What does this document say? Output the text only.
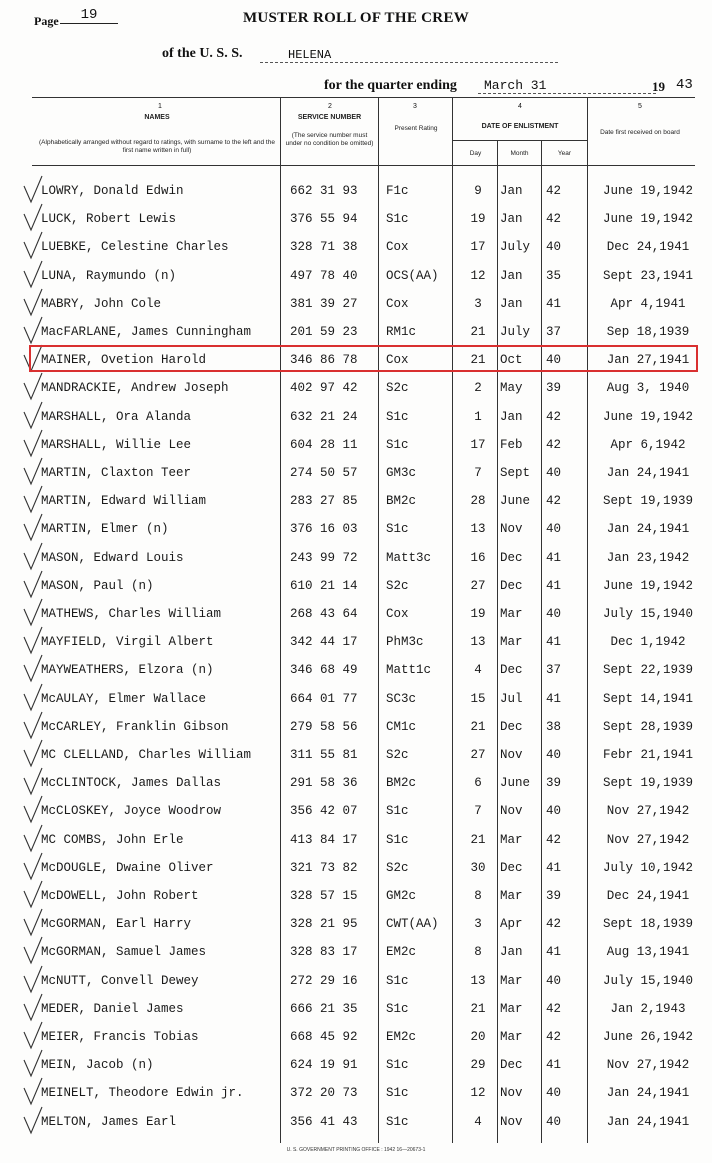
Page	19	MUSTER ROLL OF THE CREW
of the U. S. S.	HELENA
for the quarter ending	March 31	19 43
1
NAMES
(Alphabetically arranged without regard to ratings, with surname to the left and the first name written in full)
2
SERVICE NUMBER
(The service number must under no condition be omitted)
3
Present Rating
4
DATE OF ENLISTMENT
Day	Month	Year
5
Date first received on board
LOWRY, Donald Edwin	662 31 93 F1c	9	Jan 42	June 19,1942
LUCK, Robert Lewis	376 55 94 S1c	19	Jan 42	June 19,1942
LUEBKE, Celestine Charles	328 71 38 Cox	17	July 40	Dec 24,1941
LUNA, Raymundo (n)	497 78 40 OCS(AA)	12	Jan 35	Sept 23,1941
MABRY, John Cole	381 39 27 Cox	3	Jan 41	Apr 4,1941
MacFARLANE, James Cunningham	201 59 23 RM1c	21	July 37	Sep 18,1939
MAINER, Ovetion Harold	346 86 78 Cox	21	Oct 40	Jan 27,1941
MANDRACKIE, Andrew Joseph	402 97 42 S2c	2	May 39	Aug 3, 1940
MARSHALL, Ora Alanda	632 21 24 S1c	1	Jan 42	June 19,1942
MARSHALL, Willie Lee	604 28 11 S1c	17	Feb 42	Apr 6,1942
MARTIN, Claxton Teer	274 50 57 GM3c	7	Sept 40	Jan 24,1941
MARTIN, Edward William	283 27 85 BM2c	28	June 42	Sept 19,1939
MARTIN, Elmer (n)	376 16 03 S1c	13	Nov 40	Jan 24,1941
MASON, Edward Louis	243 99 72 Matt3c	16	Dec 41	Jan 23,1942
MASON, Paul (n)	610 21 14 S2c	27	Dec 41	June 19,1942
MATHEWS, Charles William	268 43 64 Cox	19	Mar 40	July 15,1940
MAYFIELD, Virgil Albert	342 44 17 PhM3c	13	Mar 41	Dec 1,1942
MAYWEATHERS, Elzora (n)	346 68 49 Matt1c	4	Dec 37	Sept 22,1939
McAULAY, Elmer Wallace	664 01 77 SC3c	15	Jul 41	Sept 14,1941
McCARLEY, Franklin Gibson	279 58 56 CM1c	21	Dec 38	Sept 28,1939
MC CLELLAND, Charles William	311 55 81 S2c	27	Nov 40	Febr 21,1941
McCLINTOCK, James Dallas	291 58 36 BM2c	6	June 39	Sept 19,1939
McCLOSKEY, Joyce Woodrow	356 42 07 S1c	7	Nov 40	Nov 27,1942
MC COMBS, John Erle	413 84 17 S1c	21	Mar 42	Nov 27,1942
McDOUGLE, Dwaine Oliver	321 73 82 S2c	30	Dec 41	July 10,1942
McDOWELL, John Robert	328 57 15 GM2c	8	Mar 39	Dec 24,1941
McGORMAN, Earl Harry	328 21 95 CWT(AA)	3	Apr 42	Sept 18,1939
McGORMAN, Samuel James	328 83 17 EM2c	8	Jan 41	Aug 13,1941
McNUTT, Convell Dewey	272 29 16 S1c	13	Mar 40	July 15,1940
MEDER, Daniel James	666 21 35 S1c	21	Mar 42	Jan 2,1943
MEIER, Francis Tobias	668 45 92 EM2c	20	Mar 42	June 26,1942
MEIN, Jacob (n)	624 19 91 S1c	29	Dec 41	Nov 27,1942
MEINELT, Theodore Edwin jr.	372 20 73 S1c	12	Nov 40	Jan 24,1941
MELTON, James Earl	356 41 43 S1c	4	Nov 40	Jan 24,1941
U. S. GOVERNMENT PRINTING OFFICE : 1942 16—20673-1
